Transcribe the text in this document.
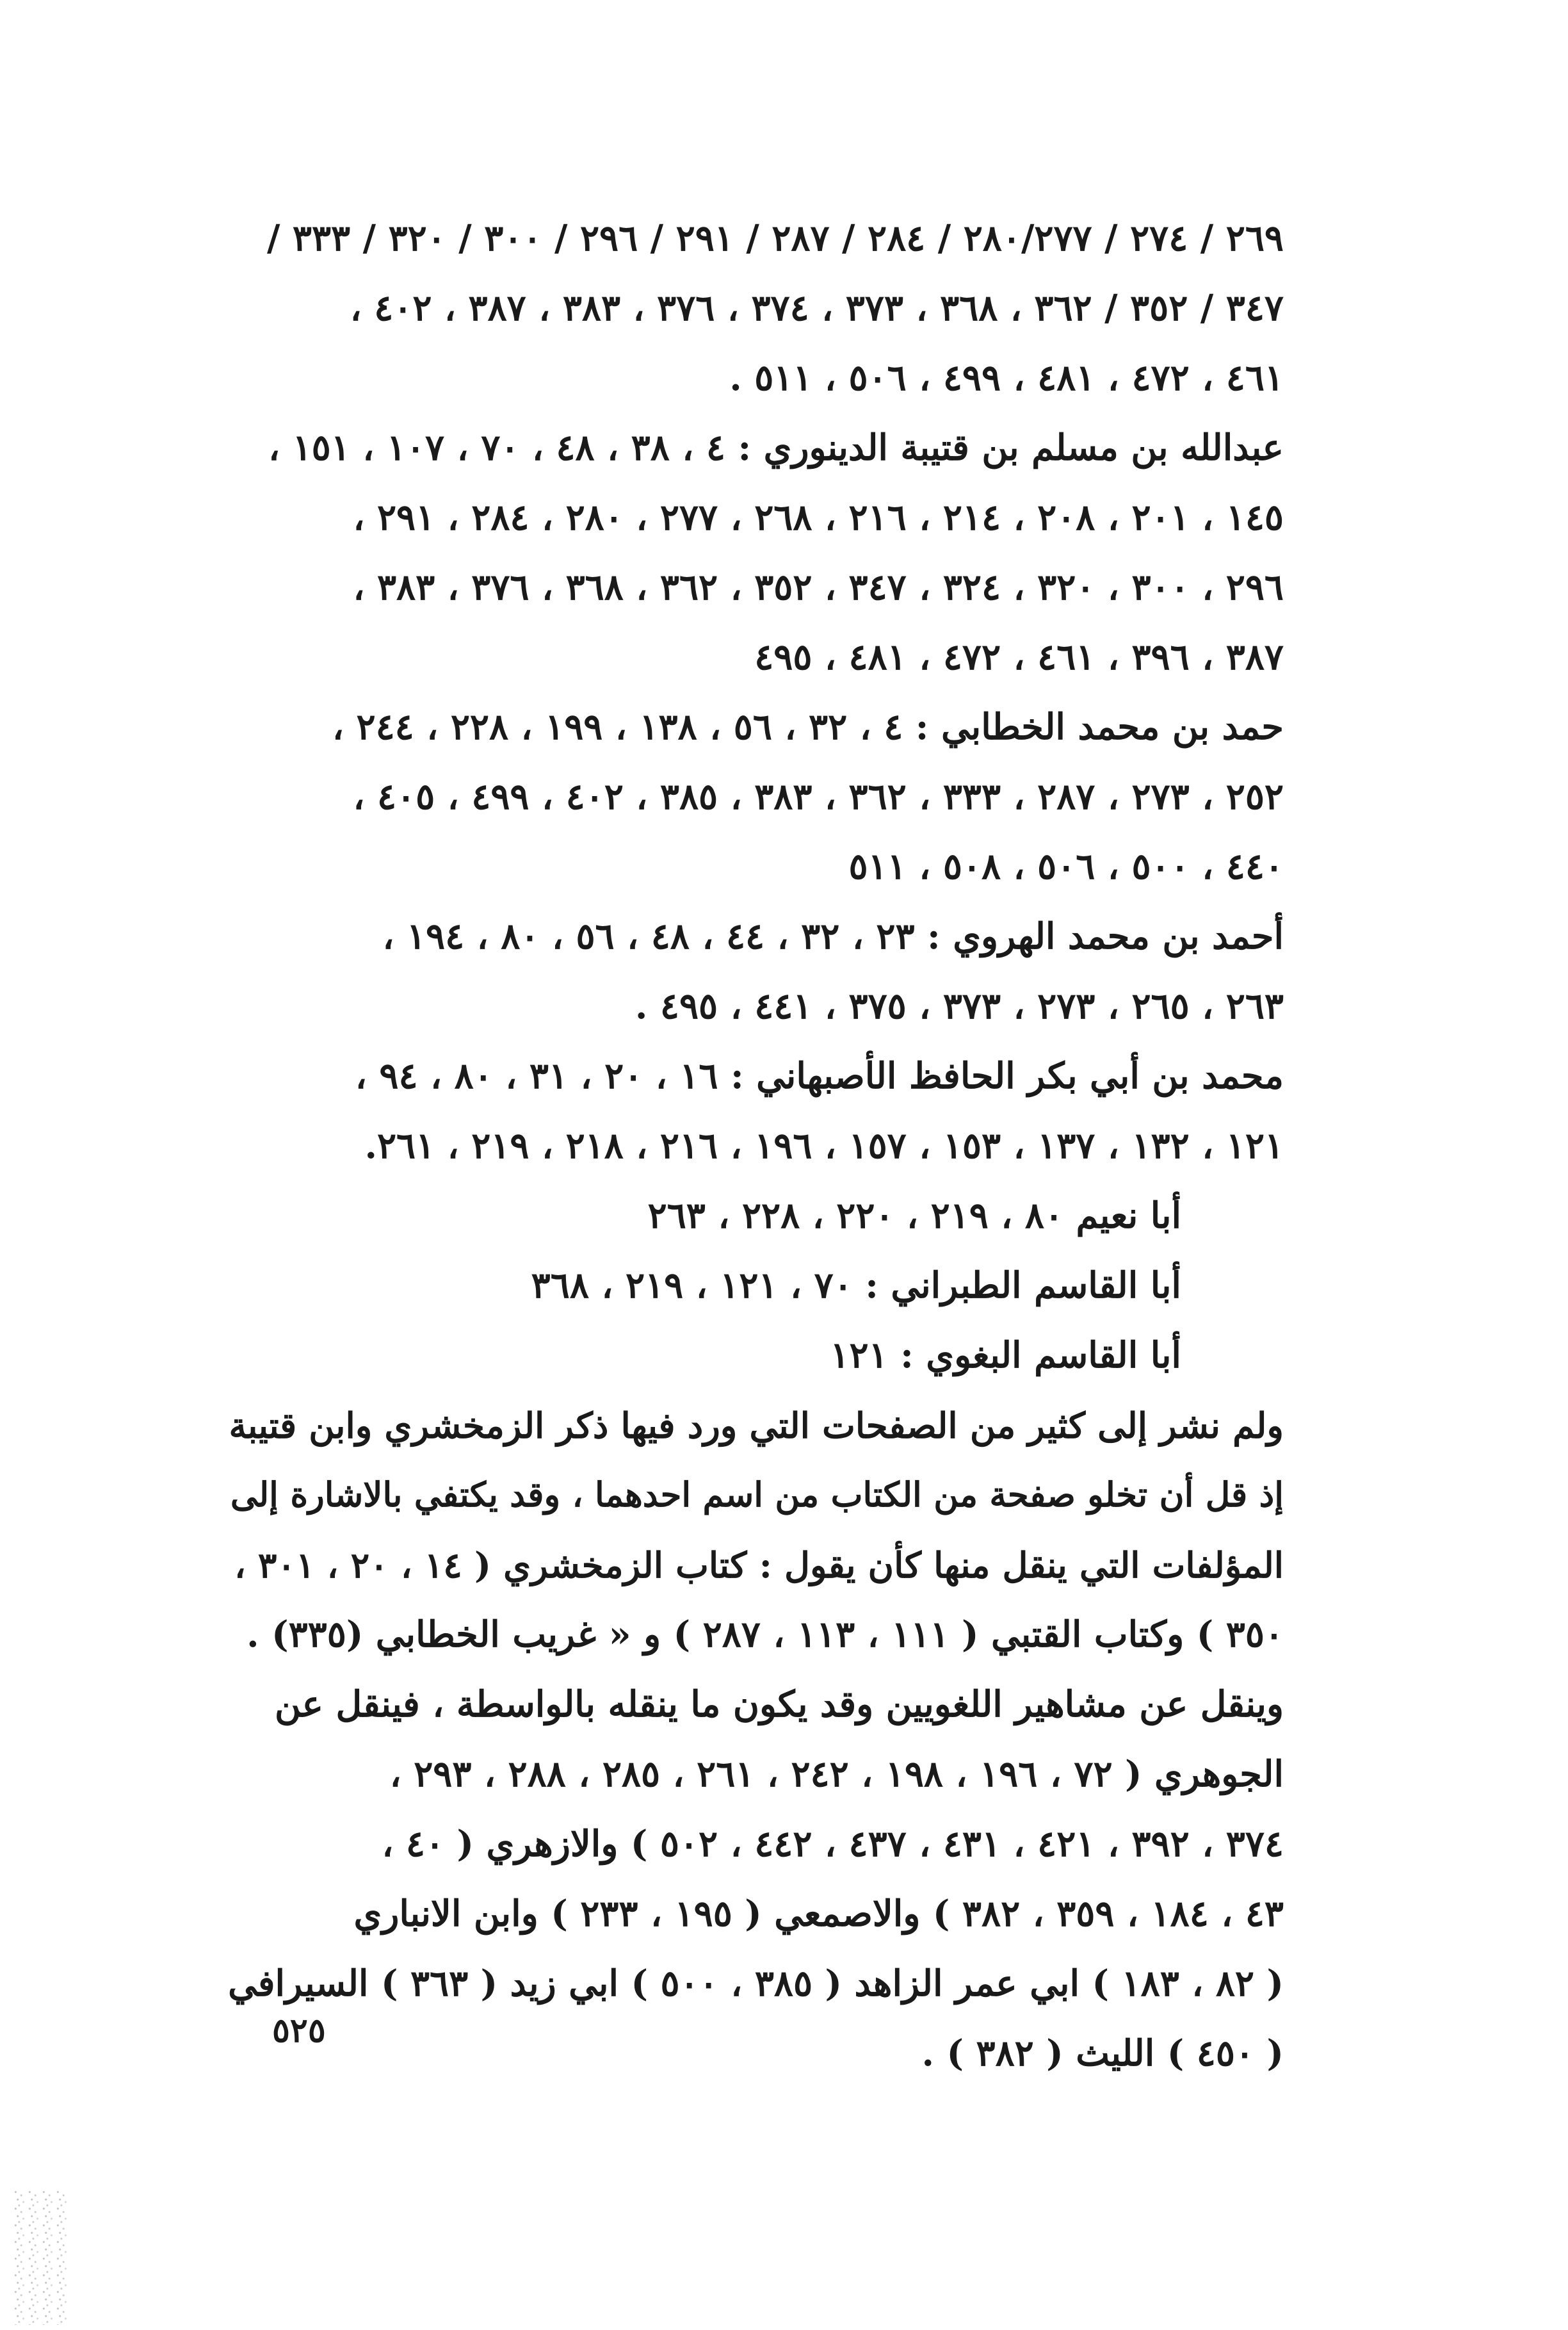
٢٦٩ / ٢٧٤ / ٢٨٠/٢٧٧ / ٢٨٤ / ٢٨٧ / ٢٩١ / ٢٩٦ / ٣٠٠ / ٣٢٠ / ٣٣٣ /
٣٤٧ / ٣٥٢ / ٣٦٢ ، ٣٦٨ ، ٣٧٣ ، ٣٧٤ ، ٣٧٦ ، ٣٨٣ ، ٣٨٧ ، ٤٠٢ ،
٤٦١ ، ٤٧٢ ، ٤٨١ ، ٤٩٩ ، ٥٠٦ ، ٥١١ .
عبدالله بن مسلم بن قتيبة الدينوري : ٤ ، ٣٨ ، ٤٨ ، ٧٠ ، ١٠٧ ، ١٥١ ،
١٤٥ ، ٢٠١ ، ٢٠٨ ، ٢١٤ ، ٢١٦ ، ٢٦٨ ، ٢٧٧ ، ٢٨٠ ، ٢٨٤ ، ٢٩١ ،
٢٩٦ ، ٣٠٠ ، ٣٢٠ ، ٣٢٤ ، ٣٤٧ ، ٣٥٢ ، ٣٦٢ ، ٣٦٨ ، ٣٧٦ ، ٣٨٣ ،
٣٨٧ ، ٣٩٦ ، ٤٦١ ، ٤٧٢ ، ٤٨١ ، ٤٩٥
حمد بن محمد الخطابي : ٤ ، ٣٢ ، ٥٦ ، ١٣٨ ، ١٩٩ ، ٢٢٨ ، ٢٤٤ ،
٢٥٢ ، ٢٧٣ ، ٢٨٧ ، ٣٣٣ ، ٣٦٢ ، ٣٨٣ ، ٣٨٥ ، ٤٠٢ ، ٤٩٩ ، ٤٠٥ ،
٤٤٠ ، ٥٠٠ ، ٥٠٦ ، ٥٠٨ ، ٥١١
أحمد بن محمد الهروي : ٢٣ ، ٣٢ ، ٤٤ ، ٤٨ ، ٥٦ ، ٨٠ ، ١٩٤ ،
٢٦٣ ، ٢٦٥ ، ٢٧٣ ، ٣٧٣ ، ٣٧٥ ، ٤٤١ ، ٤٩٥ .
محمد بن أبي بكر الحافظ الأصبهاني : ١٦ ، ٢٠ ، ٣١ ، ٨٠ ، ٩٤ ،
١٢١ ، ١٣٢ ، ١٣٧ ، ١٥٣ ، ١٥٧ ، ١٩٦ ، ٢١٦ ، ٢١٨ ، ٢١٩ ، ٢٦١.
أبا نعيم ٨٠ ، ٢١٩ ، ٢٢٠ ، ٢٢٨ ، ٢٦٣
أبا القاسم الطبراني : ٧٠ ، ١٢١ ، ٢١٩ ، ٣٦٨
أبا القاسم البغوي : ١٢١
ولم نشر إلى كثير من الصفحات التي ورد فيها ذكر الزمخشري وابن قتيبة
إذ قل أن تخلو صفحة من الكتاب من اسم احدهما ، وقد يكتفي بالاشارة إلى
المؤلفات التي ينقل منها كأن يقول : كتاب الزمخشري ( ١٤ ، ٢٠ ، ٣٠١ ،
٣٥٠ ) وكتاب القتبي ( ١١١ ، ١١٣ ، ٢٨٧ ) و « غريب الخطابي (٣٣٥) .
وينقل عن مشاهير اللغويين وقد يكون ما ينقله بالواسطة ، فينقل عن
الجوهري ( ٧٢ ، ١٩٦ ، ١٩٨ ، ٢٤٢ ، ٢٦١ ، ٢٨٥ ، ٢٨٨ ، ٢٩٣ ،
٣٧٤ ، ٣٩٢ ، ٤٢١ ، ٤٣١ ، ٤٣٧ ، ٤٤٢ ، ٥٠٢ ) والازهري ( ٤٠ ،
٤٣ ، ١٨٤ ، ٣٥٩ ، ٣٨٢ ) والاصمعي ( ١٩٥ ، ٢٣٣ ) وابن الانباري
( ٨٢ ، ١٨٣ ) ابي عمر الزاهد ( ٣٨٥ ، ٥٠٠ ) ابي زيد ( ٣٦٣ ) السيرافي
( ٤٥٠ ) الليث ( ٣٨٢ ) .
٥٢٥
